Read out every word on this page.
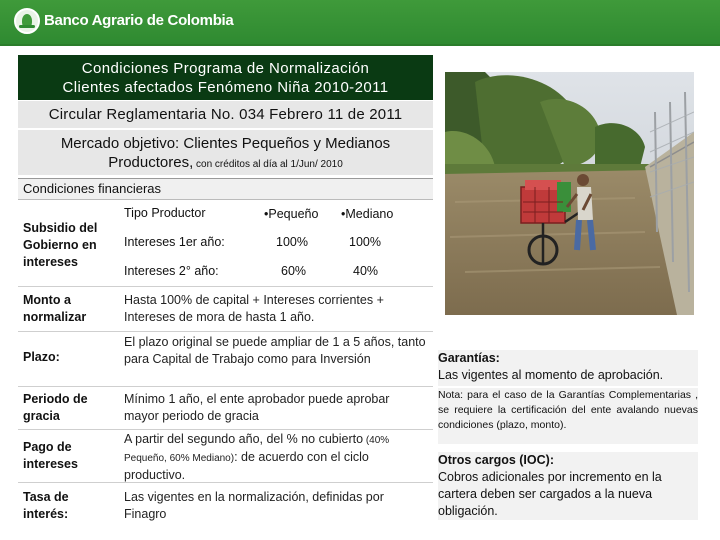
Banco Agrario de Colombia
Condiciones Programa de Normalización
Clientes afectados Fenómeno Niña 2010-2011
Circular Reglamentaria No. 034 Febrero 11 de 2011
Mercado objetivo: Clientes Pequeños y Medianos
Productores, con créditos al día al 1/Jun/ 2010
Condiciones financieras
Subsidio del Gobierno en intereses
Tipo Productor	•Pequeño •Mediano
Intereses 1er año:	100%	100%
Intereses 2° año:	60%	40%
Monto a normalizar
Hasta 100% de capital + Intereses corrientes + Intereses de mora de hasta 1 año.
Plazo:
El plazo original se puede ampliar de 1 a 5 años, tanto para Capital de Trabajo como para Inversión
Periodo de gracia
Mínimo 1 año, el ente aprobador puede aprobar mayor periodo de gracia
Pago de intereses
A partir del segundo año, del % no cubierto (40% Pequeño, 60% Mediano): de acuerdo con el ciclo productivo.
Tasa de interés:
Las vigentes en la normalización, definidas por Finagro
Garantías:
Las vigentes al momento de aprobación.
Nota: para el caso de la Garantías Complementarias , se requiere la certificación del ente avalando nuevas condiciones (plazo, monto).
Otros cargos (IOC):
Cobros adicionales por incremento en la cartera deben ser cargados a la nueva obligación.
